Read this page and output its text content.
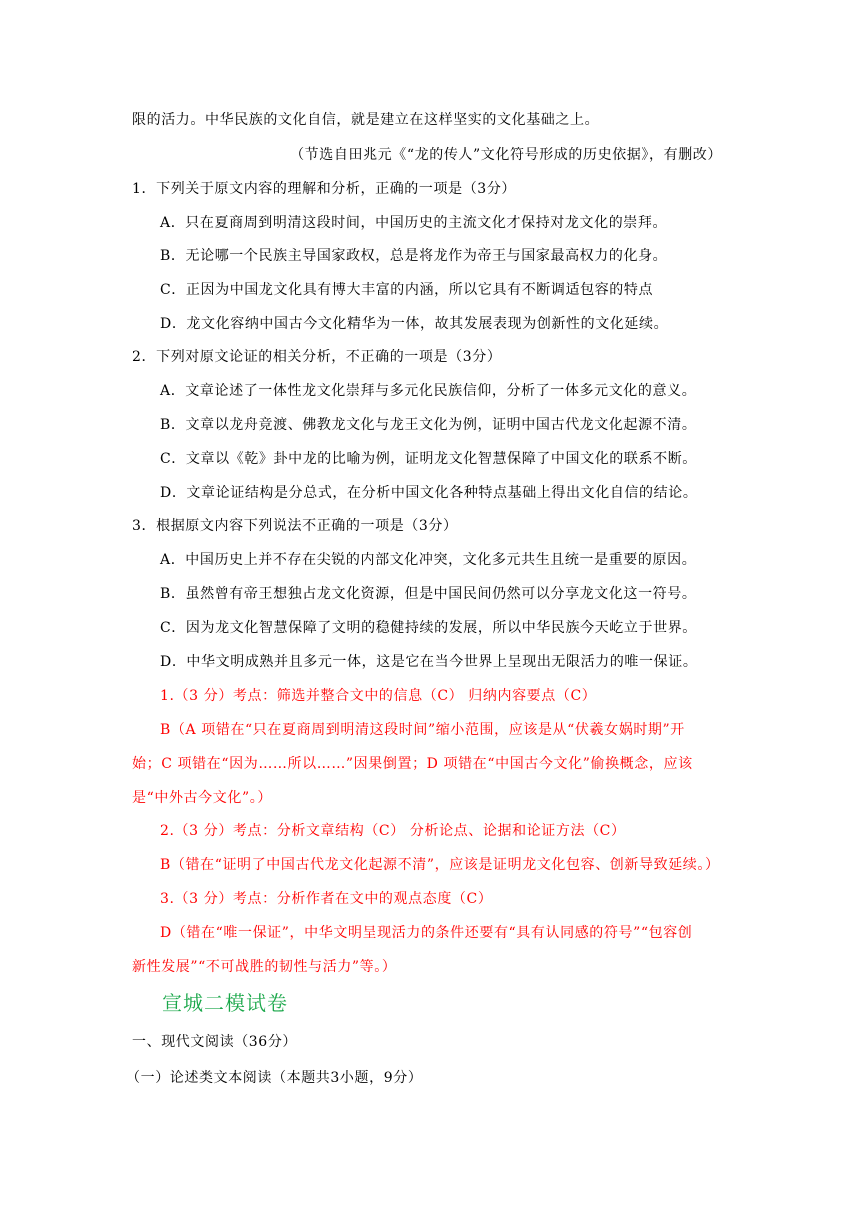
限的活力。中华民族的文化自信，就是建立在这样坚实的文化基础之上。
（节选自田兆元《“龙的传人”文化符号形成的历史依据》，有删改）
1．下列关于原文内容的理解和分析，正确的一项是（3分）
A．只在夏商周到明清这段时间，中国历史的主流文化才保持对龙文化的崇拜。
B．无论哪一个民族主导国家政权，总是将龙作为帝王与国家最高权力的化身。
C．正因为中国龙文化具有博大丰富的内涵，所以它具有不断调适包容的特点
D．龙文化容纳中国古今文化精华为一体，故其发展表现为创新性的文化延续。
2．下列对原文论证的相关分析，不正确的一项是（3分）
A．文章论述了一体性龙文化崇拜与多元化民族信仰，分析了一体多元文化的意义。
B．文章以龙舟竞渡、佛教龙文化与龙王文化为例，证明中国古代龙文化起源不清。
C．文章以《乾》卦中龙的比喻为例，证明龙文化智慧保障了中国文化的联系不断。
D．文章论证结构是分总式，在分析中国文化各种特点基础上得出文化自信的结论。
3．根据原文内容下列说法不正确的一项是（3分）
A．中国历史上并不存在尖锐的内部文化冲突，文化多元共生且统一是重要的原因。
B．虽然曾有帝王想独占龙文化资源，但是中国民间仍然可以分享龙文化这一符号。
C．因为龙文化智慧保障了文明的稳健持续的发展，所以中华民族今天屹立于世界。
D．中华文明成熟并且多元一体，这是它在当今世界上呈现出无限活力的唯一保证。
1.（3 分）考点：筛选并整合文中的信息（C） 归纳内容要点（C）
B（A 项错在“只在夏商周到明清这段时间”缩小范围，应该是从“伏羲女娲时期”开
始；C 项错在“因为……所以……”因果倒置；D 项错在“中国古今文化”偷换概念，应该
是“中外古今文化”。）
2.（3 分）考点：分析文章结构（C） 分析论点、论据和论证方法（C）
B（错在“证明了中国古代龙文化起源不清”，应该是证明龙文化包容、创新导致延续。）
3.（3 分）考点：分析作者在文中的观点态度（C）
D（错在“唯一保证”，中华文明呈现活力的条件还要有“具有认同感的符号”“包容创
新性发展”“不可战胜的韧性与活力”等。）
宣城二模试卷
一、现代文阅读（36分）
（一）论述类文本阅读（本题共3小题，9分）
